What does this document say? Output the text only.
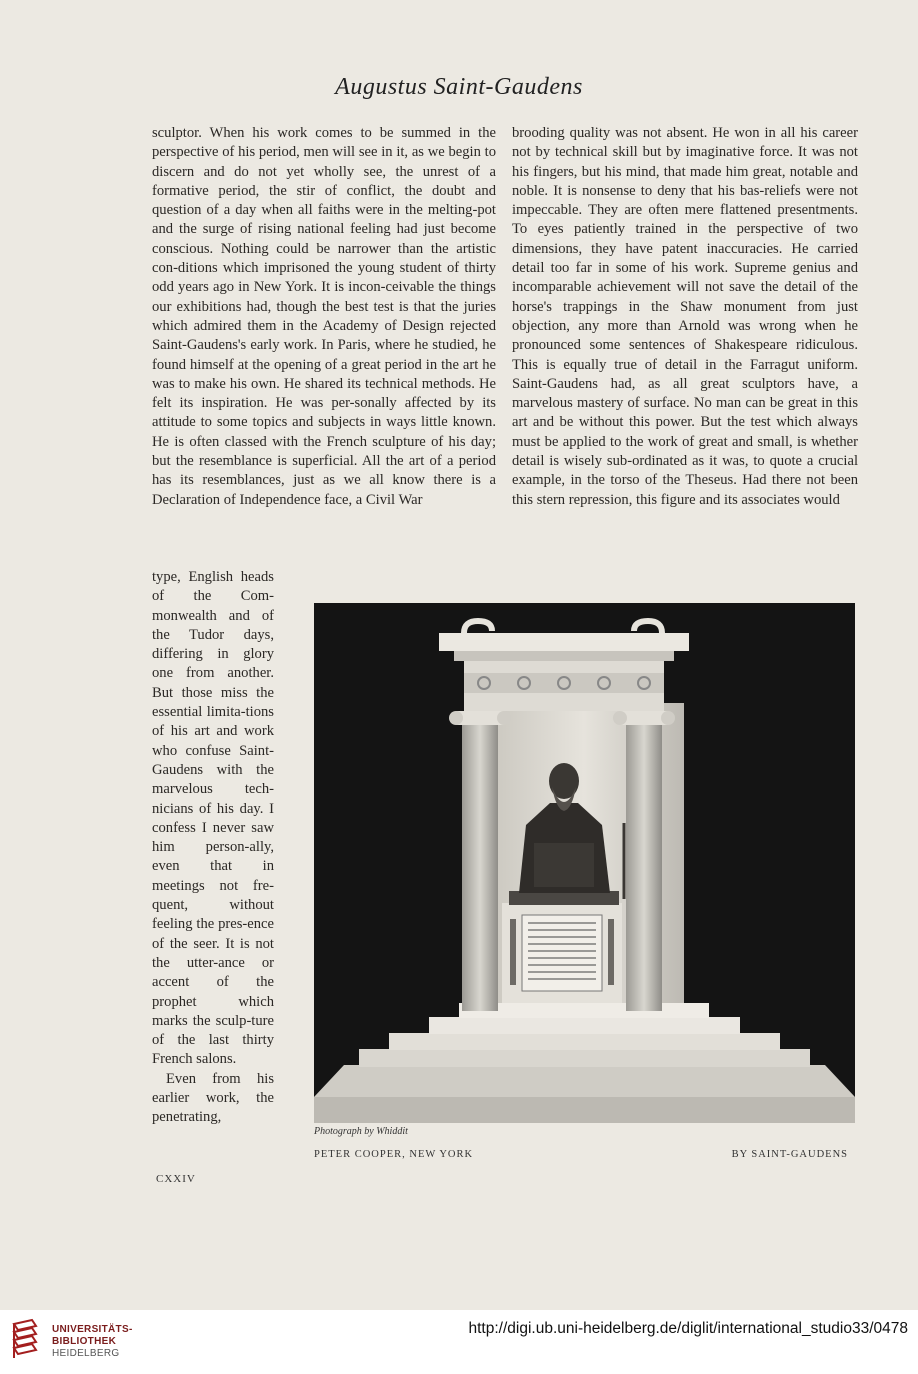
Augustus Saint-Gaudens

sculptor. When his work comes to be summed in the perspective of his period, men will see in it, as we begin to discern and do not yet wholly see, the unrest of a formative period, the stir of conflict, the doubt and question of a day when all faiths were in the melting-pot and the surge of rising national feeling had just become conscious. Nothing could be narrower than the artistic con-ditions which imprisoned the young student of thirty odd years ago in New York. It is incon-ceivable the things our exhibitions had, though the best test is that the juries which admired them in the Academy of Design rejected Saint-Gaudens's early work. In Paris, where he studied, he found himself at the opening of a great period in the art he was to make his own. He shared its technical methods. He felt its inspiration. He was per-sonally affected by its attitude to some topics and subjects in ways little known. He is often classed with the French sculpture of his day; but the resemblance is superficial. All the art of a period has its resemblances, just as we all know there is a Declaration of Independence face, a Civil War

brooding quality was not absent. He won in all his career not by technical skill but by imaginative force. It was not his fingers, but his mind, that made him great, notable and noble. It is nonsense to deny that his bas-reliefs were not impeccable. They are often mere flattened presentments. To eyes patiently trained in the perspective of two dimensions, they have patent inaccuracies. He carried detail too far in some of his work. Supreme genius and incomparable achievement will not save the detail of the horse's trappings in the Shaw monument from just objection, any more than Arnold was wrong when he pronounced some sentences of Shakespeare ridiculous. This is equally true of detail in the Farragut uniform. Saint-Gaudens had, as all great sculptors have, a marvelous mastery of surface. No man can be great in this art and be without this power. But the test which always must be applied to the work of great and small, is whether detail is wisely sub-ordinated as it was, to quote a crucial example, in the torso of the Theseus. Had there not been this stern repression, this figure and its associates would

type, English heads of the Com-monwealth and of the Tudor days, differing in glory one from another. But those miss the essential limita-tions of his art and work who confuse Saint-Gaudens with the marvelous tech-nicians of his day. I confess I never saw him person-ally, even that in meetings not fre-quent, without feeling the pres-ence of the seer. It is not the utter-ance or accent of the prophet which marks the sculp-ture of the last thirty French salons.

Even from his earlier work, the penetrating,

Photograph by Whiddit
PETER COOPER, NEW YORK	BY SAINT-GAUDENS
CXXIV
UNIVERSITÄTS-
BIBLIOTHEK
HEIDELBERG
http://digi.ub.uni-heidelberg.de/diglit/international_studio33/0478
